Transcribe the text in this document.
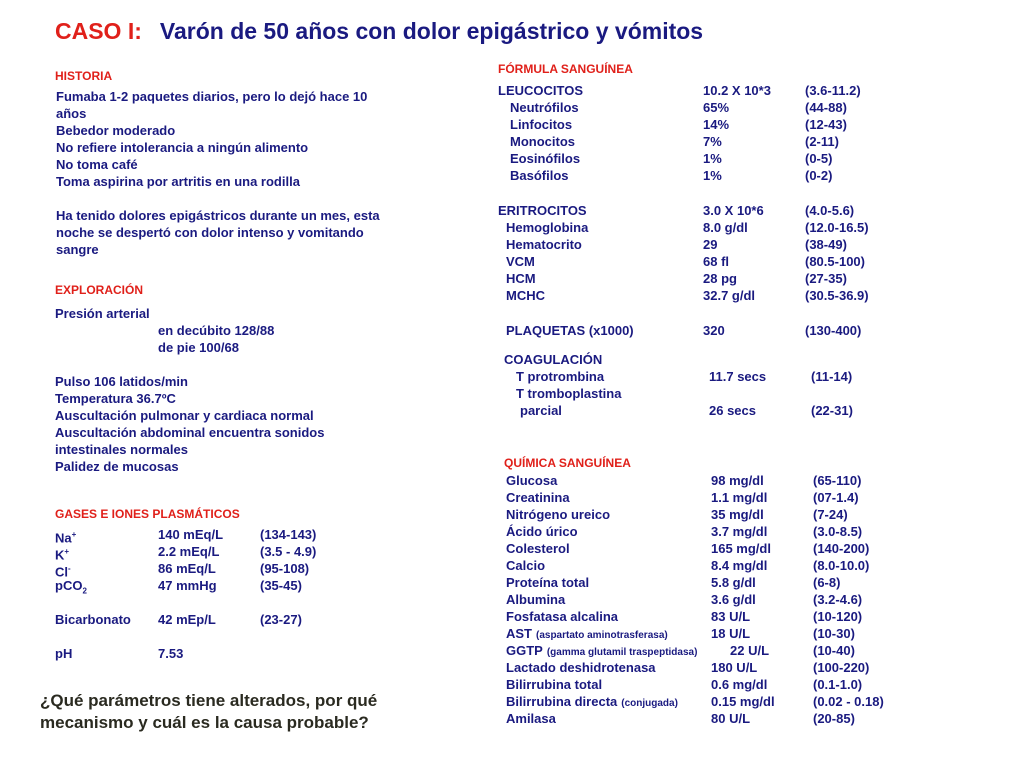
CASO I: Varón de 50 años con dolor epigástrico y vómitos
HISTORIA
Fumaba 1-2 paquetes diarios, pero lo dejó hace 10
años
Bebedor moderado
No refiere intolerancia a ningún alimento
No toma café
Toma aspirina por artritis en una rodilla
Ha tenido dolores epigástricos durante un mes, esta
noche se despertó con dolor intenso y vomitando
sangre
EXPLORACIÓN
Presión arterial
en decúbito 128/88
de pie 100/68
Pulso 106 latidos/min
Temperatura 36.7ºC
Auscultación pulmonar y cardiaca normal
Auscultación abdominal encuentra sonidos
intestinales normales
Palidez de mucosas
GASES E IONES PLASMÁTICOS
Na+	140 mEq/L	(134-143)
K+	2.2 mEq/L	(3.5 - 4.9)
Cl-	86 mEq/L	(95-108)
pCO$_2$	47 mmHg	(35-45)
Bicarbonato 42 mEp/L	(23-27)
pH	7.53
¿Qué parámetros tiene alterados, por qué
mecanismo y cuál es la causa probable?
FÓRMULA SANGUÍNEA
LEUCOCITOS	10.2 X 10*3	(3.6-11.2)
Neutrófilos	65%	(44-88)
Linfocitos	14%	(12-43)
Monocitos	7%	(2-11)
Eosinófilos	1%	(0-5)
Basófilos	1%	(0-2)
ERITROCITOS	3.0 X 10*6	(4.0-5.6)
Hemoglobina	8.0 g/dl	(12.0-16.5)
Hematocrito	29	(38-49)
VCM	68 fl	(80.5-100)
HCM	28 pg	(27-35)
MCHC	32.7 g/dl	(30.5-36.9)
PLAQUETAS (x1000)	320	(130-400)
COAGULACIÓN
T protrombina	11.7 secs	(11-14)
T tromboplastina
parcial	26 secs	(22-31)
QUÍMICA SANGUÍNEA
Glucosa	98 mg/dl	(65-110)
Creatinina	1.1 mg/dl	(07-1.4)
Nitrógeno ureico	35 mg/dl	(7-24)
Ácido úrico	3.7 mg/dl	(3.0-8.5)
Colesterol	165 mg/dl	(140-200)
Calcio	8.4 mg/dl	(8.0-10.0)
Proteína total	5.8 g/dl	(6-8)
Albumina	3.6 g/dl	(3.2-4.6)
Fosfatasa alcalina	83 U/L	(10-120)
AST (aspartato aminotrasferasa)	18 U/L	(10-30)
GGTP (gamma glutamil traspeptidasa)	22 U/L	(10-40)
Lactado deshidrotenasa	180 U/L	(100-220)
Bilirrubina total	0.6 mg/dl	(0.1-1.0)
Bilirrubina directa (conjugada)	0.15 mg/dl	(0.02 - 0.18)
Amilasa	80 U/L	(20-85)
